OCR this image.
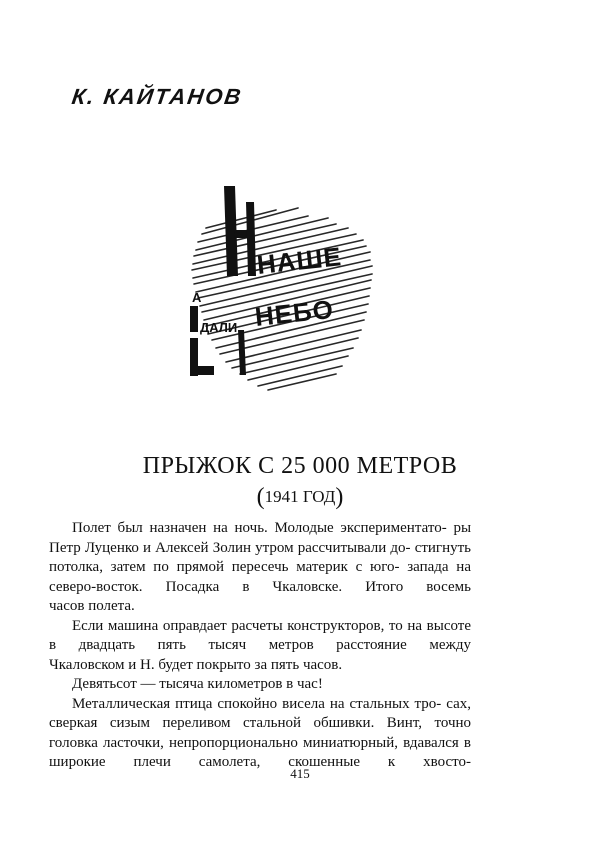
К. КАЙТАНОВ
НАШЕ
НЕБО
А
ДАЛИ
ПРЫЖОК С 25 000 МЕТРОВ
(1941 ГОД)

Полет был назначен на ночь. Молодые экспериментато- ры Петр Луценко и Алексей Золин утром рассчитывали до- стигнуть потолка, затем по прямой пересечь материк с юго- запада на северо-восток. Посадка в Чкаловске. Итого восемь

часов полета.

Если машина оправдает расчеты конструкторов, то на высоте в двадцать пять тысяч метров расстояние между

Чкаловском и Н. будет покрыто за пять часов.

Девятьсот — тысяча километров в час!

Металлическая птица спокойно висела на стальных тро- сах, сверкая сизым переливом стальной обшивки. Винт, точно головка ласточки, непропорционально миниатюрный, вдавался в широкие плечи самолета, скошенные к хвосто-

415
